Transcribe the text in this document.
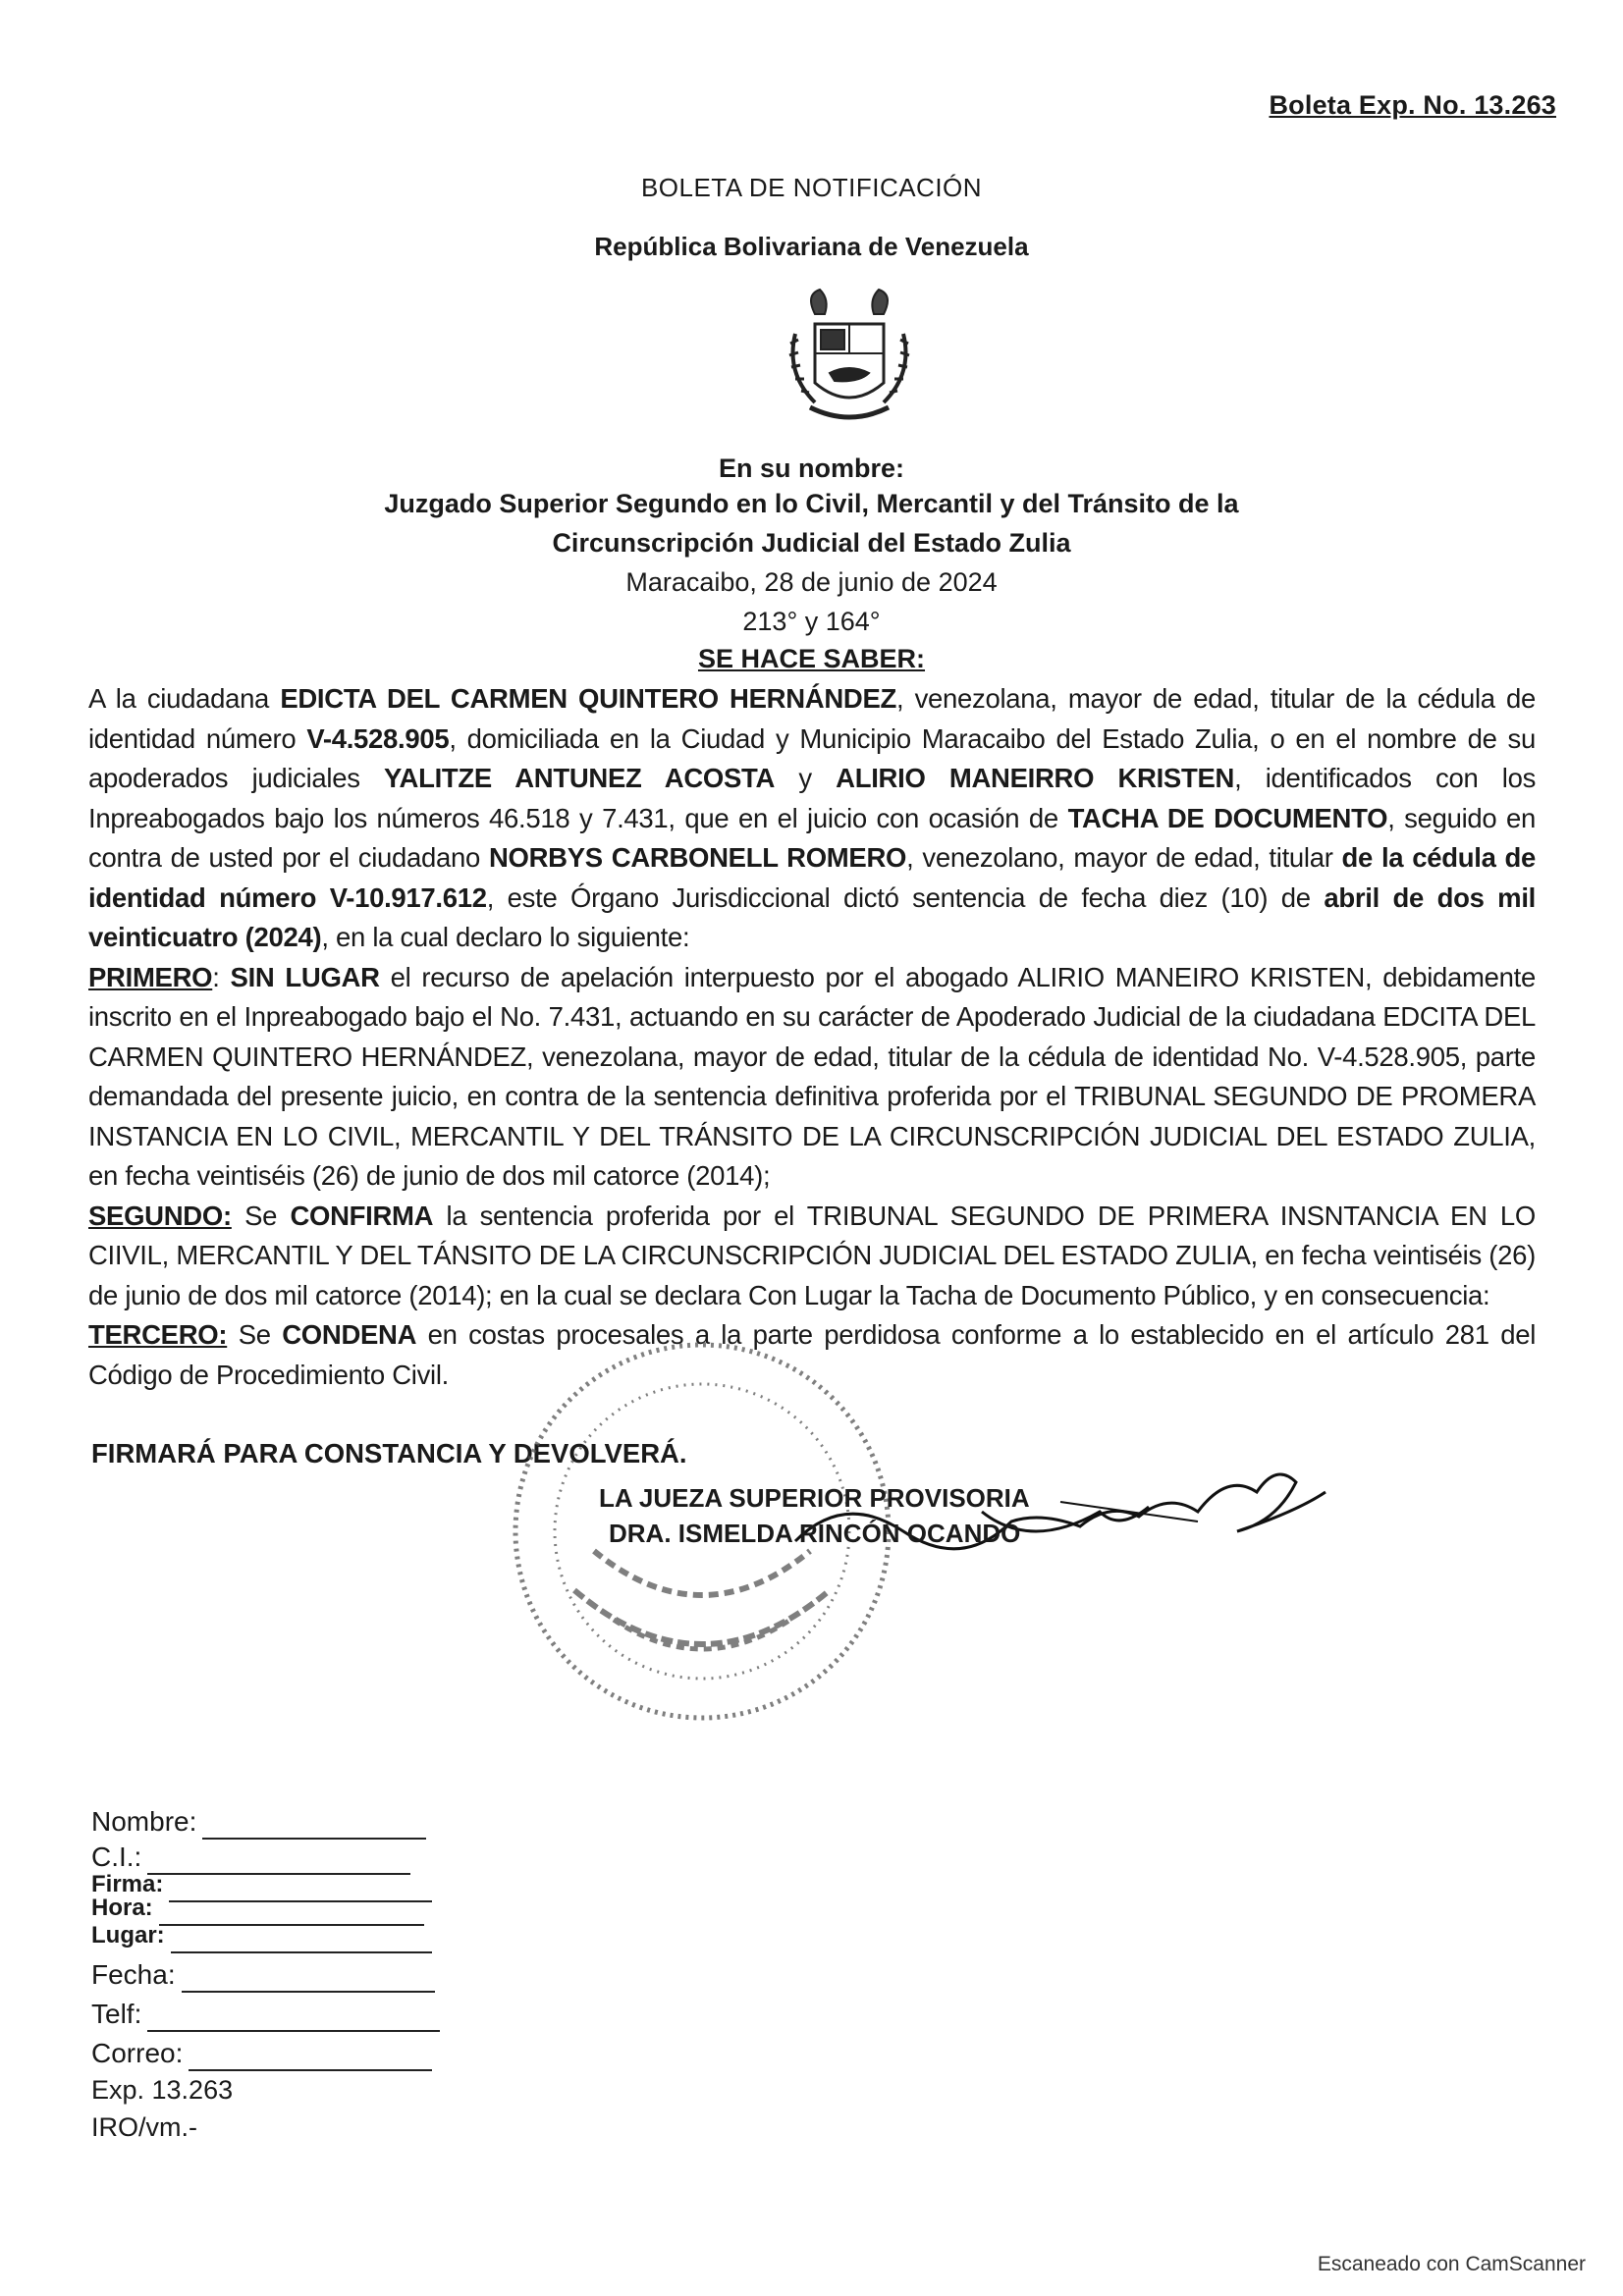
Boleta Exp. No. 13.263
BOLETA DE NOTIFICACIÓN
República Bolivariana de Venezuela
En su nombre:
Juzgado Superior Segundo en lo Civil, Mercantil y del Tránsito de la
Circunscripción Judicial del Estado Zulia
Maracaibo, 28 de junio de 2024
213° y 164°
SE HACE SABER:

A la ciudadana EDICTA DEL CARMEN QUINTERO HERNÁNDEZ, venezolana, mayor de edad, titular de la cédula de identidad número V-4.528.905, domiciliada en la Ciudad y Municipio Maracaibo del Estado Zulia, o en el nombre de su apoderados judiciales YALITZE ANTUNEZ ACOSTA y ALIRIO MANEIRRO KRISTEN, identificados con los Inpreabogados bajo los números 46.518 y 7.431, que en el juicio con ocasión de TACHA DE DOCUMENTO, seguido en contra de usted por el ciudadano NORBYS CARBONELL ROMERO, venezolano, mayor de edad, titular de la cédula de identidad número V-10.917.612, este Órgano Jurisdiccional dictó sentencia de fecha diez (10) de abril de dos mil veinticuatro (2024), en la cual declaro lo siguiente:

PRIMERO: SIN LUGAR el recurso de apelación interpuesto por el abogado ALIRIO MANEIRO KRISTEN, debidamente inscrito en el Inpreabogado bajo el No. 7.431, actuando en su carácter de Apoderado Judicial de la ciudadana EDCITA DEL CARMEN QUINTERO HERNÁNDEZ, venezolana, mayor de edad, titular de la cédula de identidad No. V-4.528.905, parte demandada del presente juicio, en contra de la sentencia definitiva proferida por el TRIBUNAL SEGUNDO DE PROMERA INSTANCIA EN LO CIVIL, MERCANTIL Y DEL TRÁNSITO DE LA CIRCUNSCRIPCIÓN JUDICIAL DEL ESTADO ZULIA, en fecha veintiséis (26) de junio de dos mil catorce (2014);

SEGUNDO: Se CONFIRMA la sentencia proferida por el TRIBUNAL SEGUNDO DE PRIMERA INSNTANCIA EN LO CIIVIL, MERCANTIL Y DEL TÁNSITO DE LA CIRCUNSCRIPCIÓN JUDICIAL DEL ESTADO ZULIA, en fecha veintiséis (26) de junio de dos mil catorce (2014); en la cual se declara Con Lugar la Tacha de Documento Público, y en consecuencia:

TERCERO: Se CONDENA en costas procesales a la parte perdidosa conforme a lo establecido en el artículo 281 del Código de Procedimiento Civil.

FIRMARÁ PARA CONSTANCIA Y DEVOLVERÁ.
LA JUEZA SUPERIOR PROVISORIA
DRA. ISMELDA RINCÓN OCANDO
Nombre:
C.I.:
Firma:
Hora:
Lugar:
Fecha:
Telf:
Correo:
Exp. 13.263
IRO/vm.-
Escaneado con CamScanner
